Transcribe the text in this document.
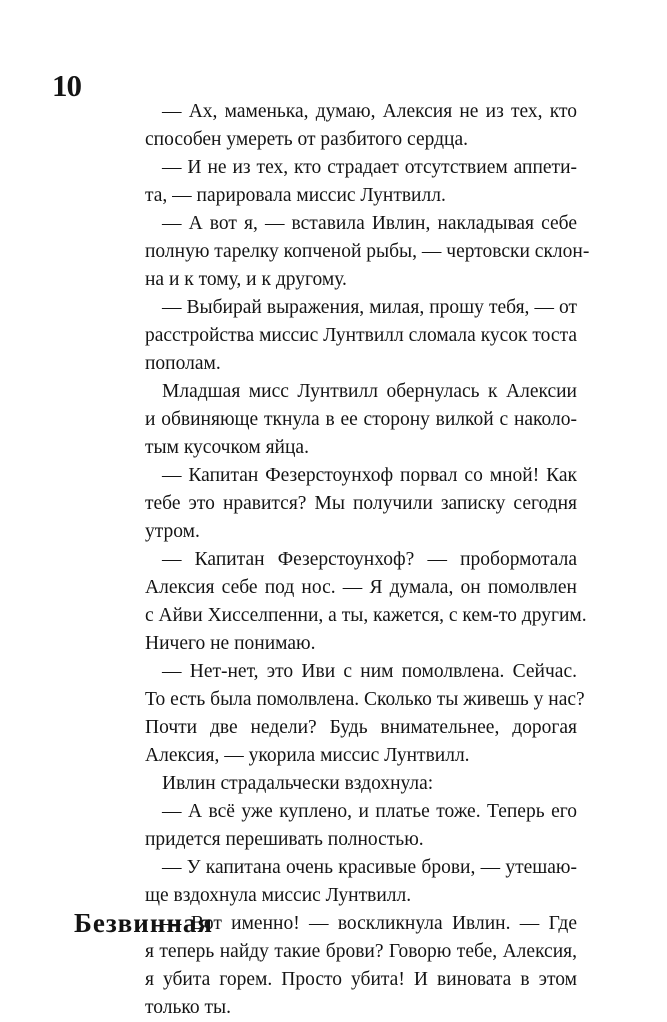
10
— Ах, маменька, думаю, Алексия не из тех, кто
способен умереть от разбитого сердца.
— И не из тех, кто страдает отсутствием аппети-
та, — парировала миссис Лунтвилл.
— А вот я, — вставила Ивлин, накладывая себе
полную тарелку копченой рыбы, — чертовски склон-
на и к тому, и к другому.
— Выбирай выражения, милая, прошу тебя, — от
расстройства миссис Лунтвилл сломала кусок тоста
пополам.
Младшая мисс Лунтвилл обернулась к Алексии
и обвиняюще ткнула в ее сторону вилкой с наколо-
тым кусочком яйца.
— Капитан Фезерстоунхоф порвал со мной! Как
тебе это нравится? Мы получили записку сегодня
утром.
— Капитан Фезерстоунхоф? — пробормотала
Алексия себе под нос. — Я думала, он помолвлен
с Айви Хисселпенни, а ты, кажется, с кем-то другим.
Ничего не понимаю.
— Нет-нет, это Иви с ним помолвлена. Сейчас.
То есть была помолвлена. Сколько ты живешь у нас?
Почти две недели? Будь внимательнее, дорогая
Алексия, — укорила миссис Лунтвилл.
Ивлин страдальчески вздохнула:
— А всё уже куплено, и платье тоже. Теперь его
придется перешивать полностью.
— У капитана очень красивые брови, — утешаю-
ще вздохнула миссис Лунтвилл.
— Вот именно! — воскликнула Ивлин. — Где
я теперь найду такие брови? Говорю тебе, Алексия,
я убита горем. Просто убита! И виновата в этом
только ты.
Безвинная
